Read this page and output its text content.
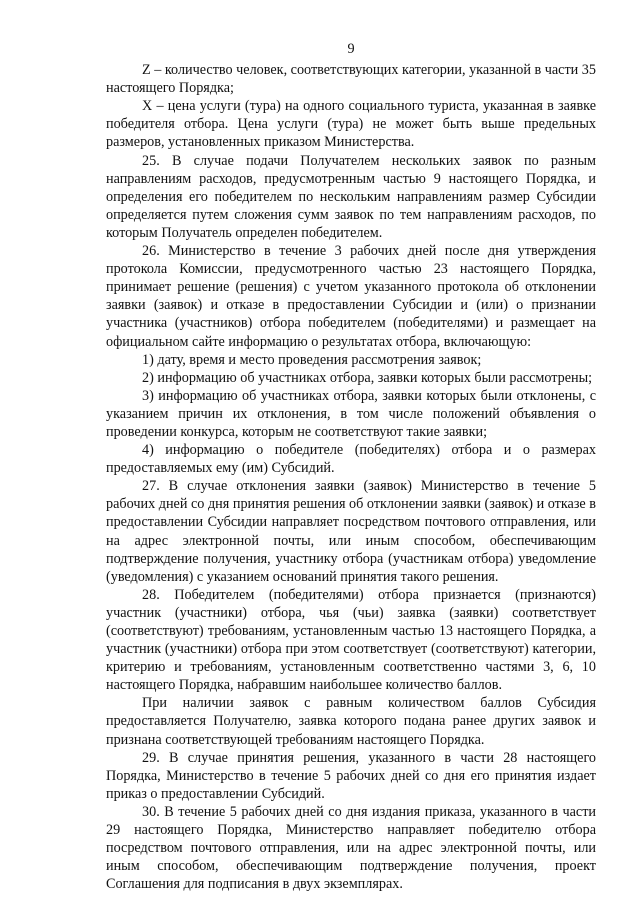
9

Z – количество человек, соответствующих категории, указанной в части 35 настоящего Порядка;

X – цена услуги (тура) на одного социального туриста, указанная в заявке победителя отбора. Цена услуги (тура) не может быть выше предельных размеров, установленных приказом Министерства.

25. В случае подачи Получателем нескольких заявок по разным направлениям расходов, предусмотренным частью 9 настоящего Порядка, и определения его победителем по нескольким направлениям размер Субсидии определяется путем сложения сумм заявок по тем направлениям расходов, по которым Получатель определен победителем.

26. Министерство в течение 3 рабочих дней после дня утверждения протокола Комиссии, предусмотренного частью 23 настоящего Порядка, принимает решение (решения) с учетом указанного протокола об отклонении заявки (заявок) и отказе в предоставлении Субсидии и (или) о признании участника (участников) отбора победителем (победителями) и размещает на официальном сайте информацию о результатах отбора, включающую:

1) дату, время и место проведения рассмотрения заявок;

2) информацию об участниках отбора, заявки которых были рассмотрены;

3) информацию об участниках отбора, заявки которых были отклонены, с указанием причин их отклонения, в том числе положений объявления о проведении конкурса, которым не соответствуют такие заявки;

4) информацию о победителе (победителях) отбора и о размерах предоставляемых ему (им) Субсидий.

27. В случае отклонения заявки (заявок) Министерство в течение 5 рабочих дней со дня принятия решения об отклонении заявки (заявок) и отказе в предоставлении Субсидии направляет посредством почтового отправления, или на адрес электронной почты, или иным способом, обеспечивающим подтверждение получения, участнику отбора (участникам отбора) уведомление (уведомления) с указанием оснований принятия такого решения.

28. Победителем (победителями) отбора признается (признаются) участник (участники) отбора, чья (чьи) заявка (заявки) соответствует (соответствуют) требованиям, установленным частью 13 настоящего Порядка, а участник (участники) отбора при этом соответствует (соответствуют) категории, критерию и требованиям, установленным соответственно частями 3, 6, 10 настоящего Порядка, набравшим наибольшее количество баллов.

При наличии заявок с равным количеством баллов Субсидия предоставляется Получателю, заявка которого подана ранее других заявок и признана соответствующей требованиям настоящего Порядка.

29. В случае принятия решения, указанного в части 28 настоящего Порядка, Министерство в течение 5 рабочих дней со дня его принятия издает приказ о предоставлении Субсидий.

30. В течение 5 рабочих дней со дня издания приказа, указанного в части 29 настоящего Порядка, Министерство направляет победителю отбора посредством почтового отправления, или на адрес электронной почты, или иным способом, обеспечивающим подтверждение получения, проект Соглашения для подписания в двух экземплярах.
